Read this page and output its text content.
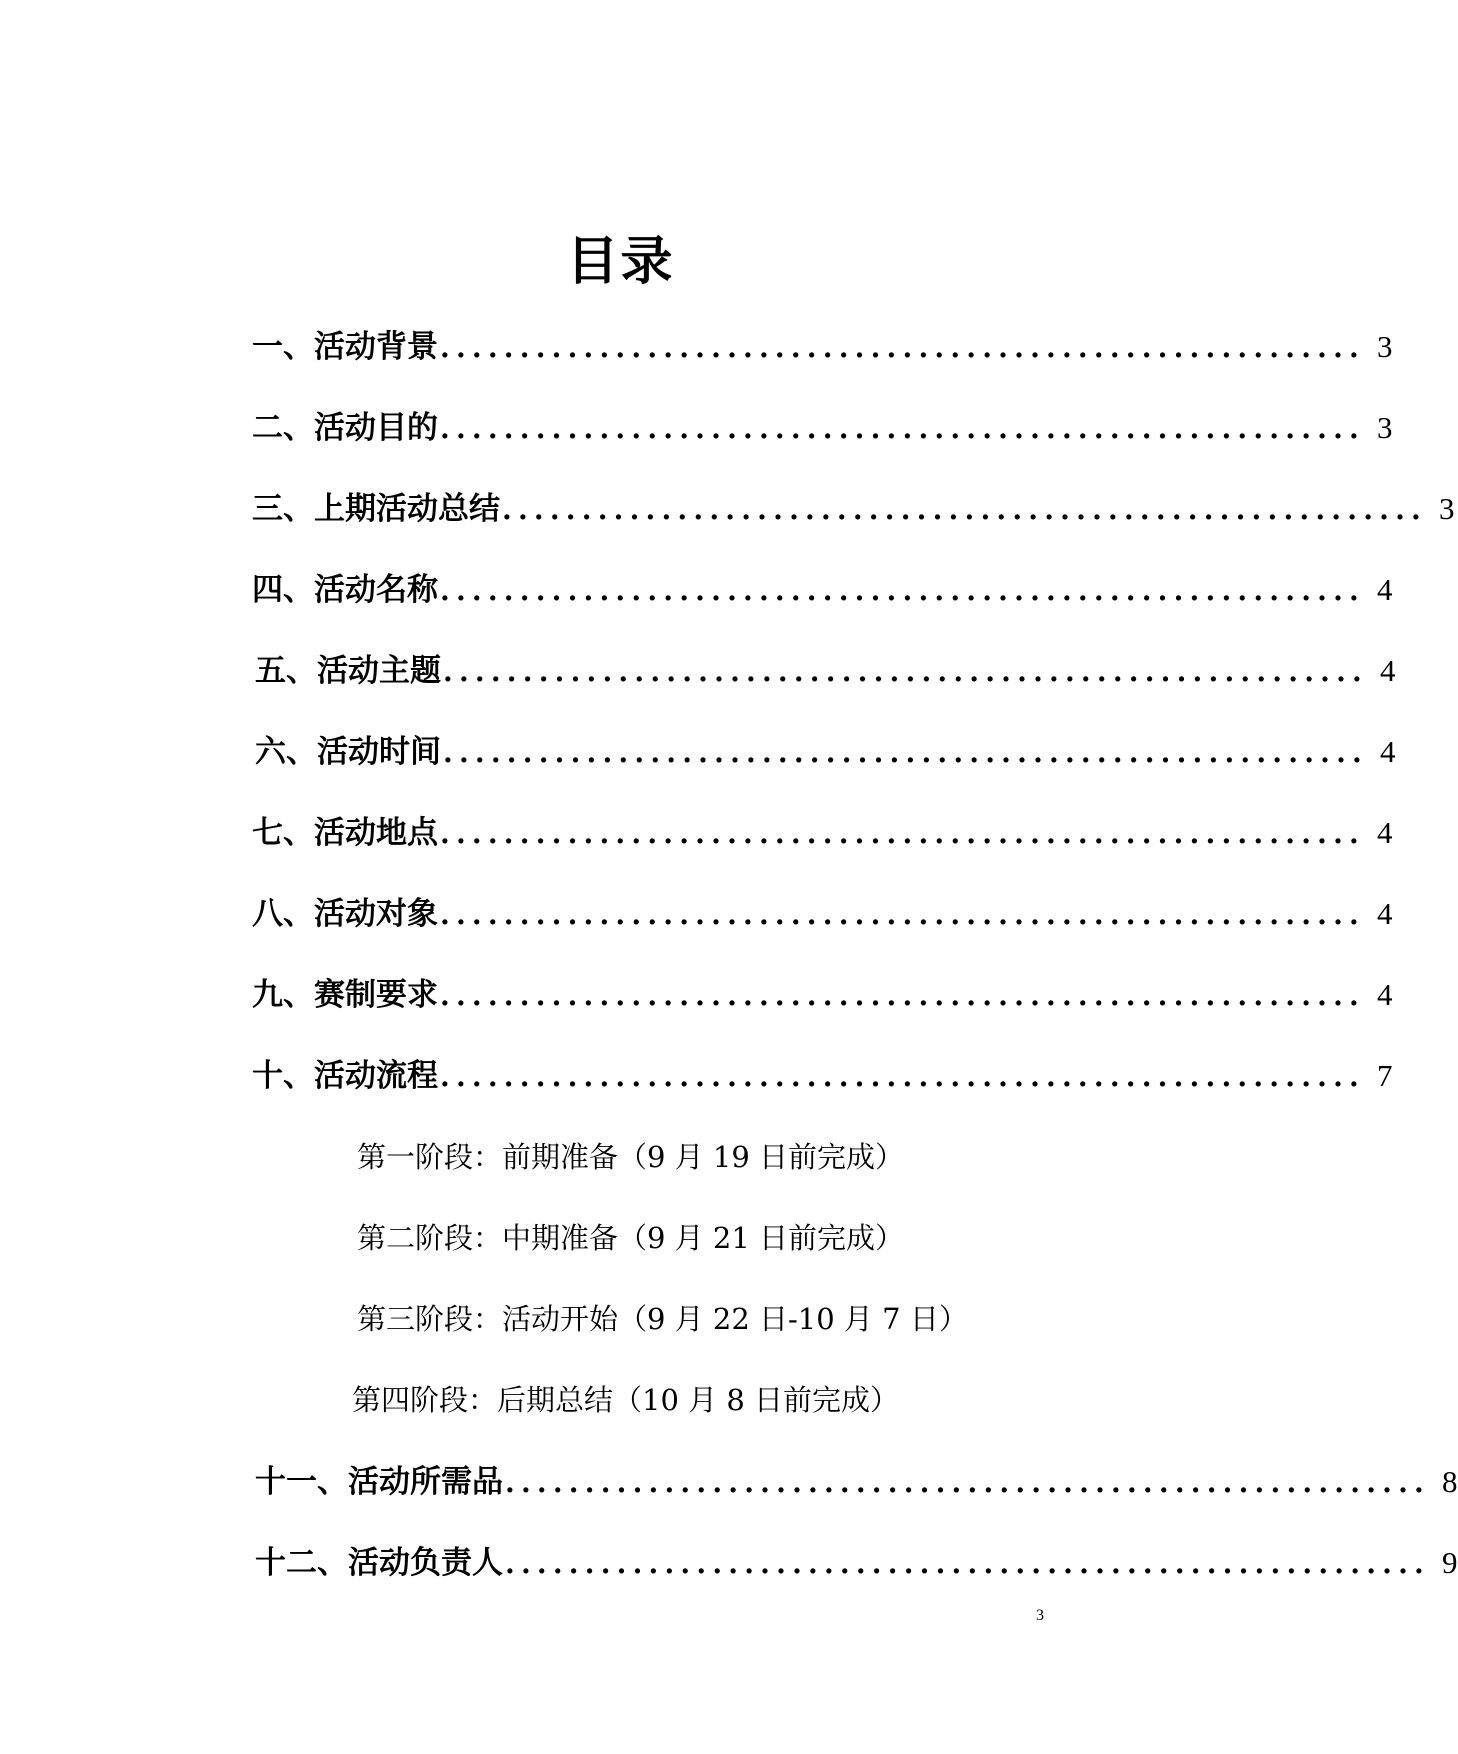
目录
一、活动背景 .......................................................... 3
二、活动目的 .......................................................... 3
三、上期活动总结 .......................................................... 3
四、活动名称 .......................................................... 4
五、活动主题 .......................................................... 4
六、活动时间 .......................................................... 4
七、活动地点 .......................................................... 4
八、活动对象 .......................................................... 4
九、赛制要求 .......................................................... 4
十、活动流程 .......................................................... 7
第一阶段：前期准备（9 月 19 日前完成）
第二阶段：中期准备（9 月 21 日前完成）
第三阶段：活动开始（9 月 22 日-10 月 7 日）
第四阶段：后期总结（10 月 8 日前完成）
十一、活动所需品 .......................................................... 8
十二、活动负责人 .......................................................... 9
3
